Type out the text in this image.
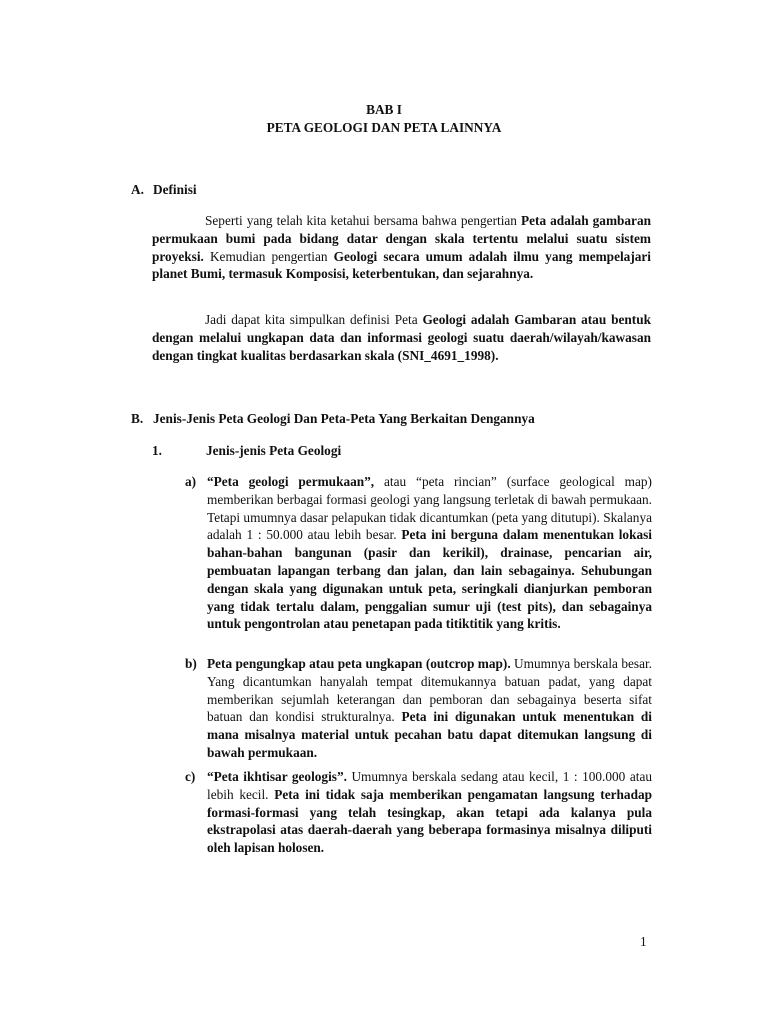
BAB I
PETA GEOLOGI DAN PETA LAINNYA
A. Definisi
Seperti yang telah kita ketahui bersama bahwa pengertian Peta adalah gambaran permukaan bumi pada bidang datar dengan skala tertentu melalui suatu sistem proyeksi. Kemudian pengertian Geologi secara umum adalah ilmu yang mempelajari planet Bumi, termasuk Komposisi, keterbentukan, dan sejarahnya.
Jadi dapat kita simpulkan definisi Peta Geologi adalah Gambaran atau bentuk dengan melalui ungkapan data dan informasi geologi suatu daerah/wilayah/kawasan dengan tingkat kualitas berdasarkan skala (SNI_4691_1998).
B. Jenis-Jenis Peta Geologi Dan Peta-Peta Yang Berkaitan Dengannya
1.	Jenis-jenis Peta Geologi
a) “Peta geologi permukaan”, atau “peta rincian” (surface geological map) memberikan berbagai formasi geologi yang langsung terletak di bawah permukaan. Tetapi umumnya dasar pelapukan tidak dicantumkan (peta yang ditutupi). Skalanya adalah 1 : 50.000 atau lebih besar. Peta ini berguna dalam menentukan lokasi bahan-bahan bangunan (pasir dan kerikil), drainase, pencarian air, pembuatan lapangan terbang dan jalan, dan lain sebagainya. Sehubungan dengan skala yang digunakan untuk peta, seringkali dianjurkan pemboran yang tidak tertalu dalam, penggalian sumur uji (test pits), dan sebagainya untuk pengontrolan atau penetapan pada titiktitik yang kritis.
b) Peta pengungkap atau peta ungkapan (outcrop map). Umumnya berskala besar. Yang dicantumkan hanyalah tempat ditemukannya batuan padat, yang dapat memberikan sejumlah keterangan dan pemboran dan sebagainya beserta sifat batuan dan kondisi strukturalnya. Peta ini digunakan untuk menentukan di mana misalnya material untuk pecahan batu dapat ditemukan langsung di bawah permukaan.
c) “Peta ikhtisar geologis”. Umumnya berskala sedang atau kecil, 1 : 100.000 atau lebih kecil. Peta ini tidak saja memberikan pengamatan langsung terhadap formasi-formasi yang telah tesingkap, akan tetapi ada kalanya pula ekstrapolasi atas daerah-daerah yang beberapa formasinya misalnya diliputi oleh lapisan holosen.
1
